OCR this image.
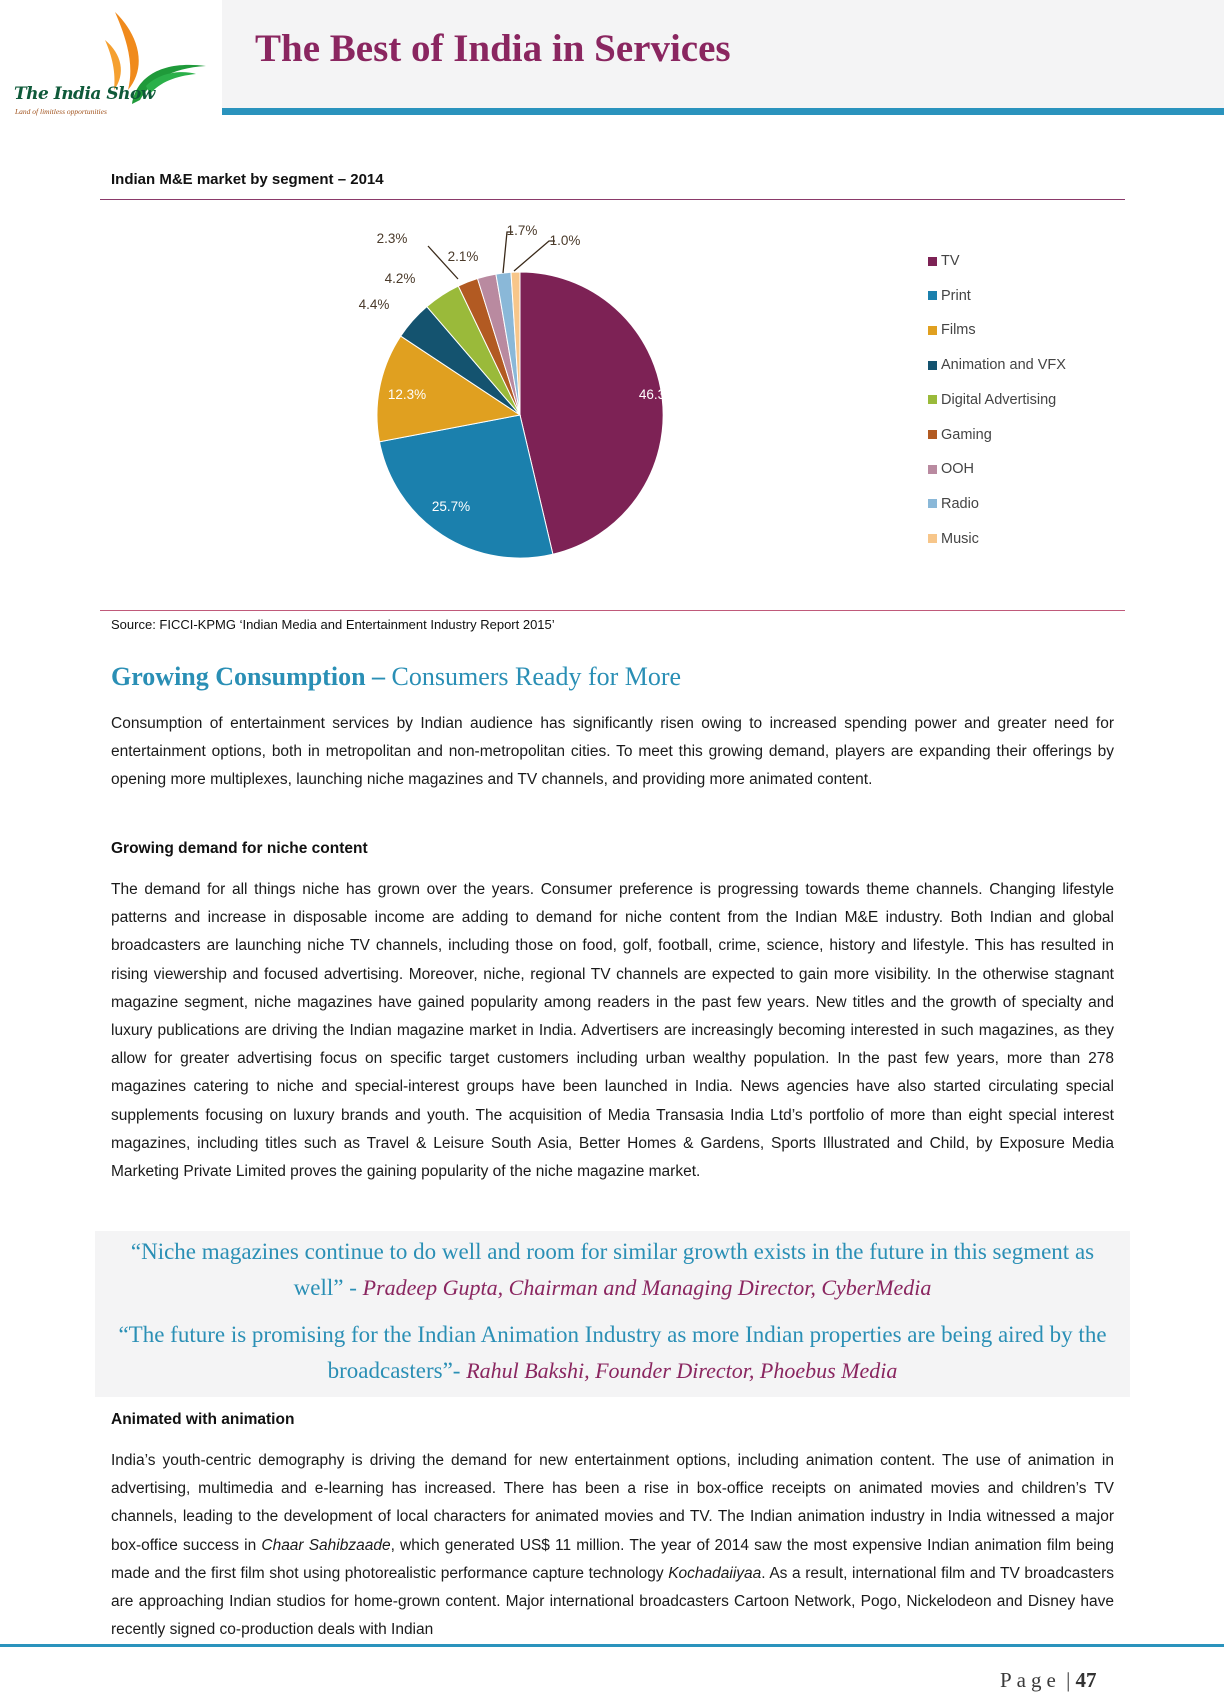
The India Show
Land of limitless opportunities
The Best of India in Services
Indian M&E market by segment – 2014
46.3%
25.7%
12.3%
4.4%
4.2%
2.3%
2.1%
1.7%
1.0%
TV
Print
Films
Animation and VFX
Digital Advertising
Gaming
OOH
Radio
Music
Source: FICCI-KPMG ‘Indian Media and Entertainment Industry Report 2015’
Growing Consumption – Consumers Ready for More

Consumption of entertainment services by Indian audience has significantly risen owing to increased spending power and greater need for entertainment options, both in metropolitan and non-metropolitan cities. To meet this growing demand, players are expanding their offerings by opening more multiplexes, launching niche magazines and TV channels, and providing more animated content.

Growing demand for niche content

The demand for all things niche has grown over the years. Consumer preference is progressing towards theme channels. Changing lifestyle patterns and increase in disposable income are adding to demand for niche content from the Indian M&E industry. Both Indian and global broadcasters are launching niche TV channels, including those on food, golf, football, crime, science, history and lifestyle. This has resulted in rising viewership and focused advertising. Moreover, niche, regional TV channels are expected to gain more visibility. In the otherwise stagnant magazine segment, niche magazines have gained popularity among readers in the past few years. New titles and the growth of specialty and luxury publications are driving the Indian magazine market in India. Advertisers are increasingly becoming interested in such magazines, as they allow for greater advertising focus on specific target customers including urban wealthy population. In the past few years, more than 278 magazines catering to niche and special-interest groups have been launched in India. News agencies have also started circulating special supplements focusing on luxury brands and youth. The acquisition of Media Transasia India Ltd’s portfolio of more than eight special interest magazines, including titles such as Travel & Leisure South Asia, Better Homes & Gardens, Sports Illustrated and Child, by Exposure Media Marketing Private Limited proves the gaining popularity of the niche magazine market.

“Niche magazines continue to do well and room for similar growth exists in the future in this segment as well” - Pradeep Gupta, Chairman and Managing Director, CyberMedia

“The future is promising for the Indian Animation Industry as more Indian properties are being aired by the broadcasters”- Rahul Bakshi, Founder Director, Phoebus Media

Animated with animation

India’s youth-centric demography is driving the demand for new entertainment options, including animation content. The use of animation in advertising, multimedia and e-learning has increased. There has been a rise in box-office receipts on animated movies and children’s TV channels, leading to the development of local characters for animated movies and TV. The Indian animation industry in India witnessed a major box-office success in Chaar Sahibzaade, which generated US$ 11 million. The year of 2014 saw the most expensive Indian animation film being made and the first film shot using photorealistic performance capture technology Kochadaiiyaa. As a result, international film and TV broadcasters are approaching Indian studios for home-grown content. Major international broadcasters Cartoon Network, Pogo, Nickelodeon and Disney have recently signed co-production deals with Indian

Page | 47
